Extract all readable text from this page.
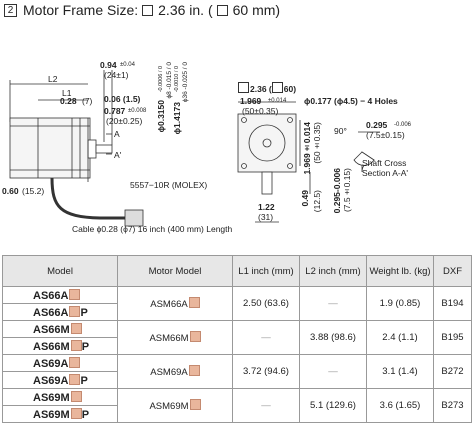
2 Motor Frame Size: 2.36 in. ( 60 mm)
L2
L1
0.28 (7)
0.94 ±0.04
(24±1)
0.06 (1.5)
0.787 ±0.008
(20±0.25) ϕ0.3150
-0.0006 / 0 ϕ8 -0.015 / 0
ϕ1.4173
-0.0010 / 0 ϕ36 -0.025 / 0
A
A'
0.60 (15.2)
5557−10R (MOLEX)
Cable ϕ0.28 (ϕ7) 16 inch (400 mm) Length
2.36 ( 60)
1.969 ±0.014
(50±0.35)
ϕ0.177 (ϕ4.5) − 4 Holes
1.969±0.014 (50±0.35)
0.49 (12.5)
1.22
(31)
90°
0.295 -0.006
(7.5±0.15)
0.295-0.006 (7.5±0.15)
Shaft Cross
Section A-A'
Model	Motor Model	L1 inch (mm)	L2 inch (mm)	Weight lb. (kg)	DXF
AS66A	ASM66A	2.50 (63.6)	—	1.9 (0.85)	B194
AS66A P					
AS66M	ASM66M	—	3.88 (98.6)	2.4 (1.1)	B195
AS66M P					
AS69A	ASM69A	3.72 (94.6)	—	3.1 (1.4)	B272
AS69A P					
AS69M	ASM69M	—	5.1 (129.6)	3.6 (1.65)	B273
AS69M P					
